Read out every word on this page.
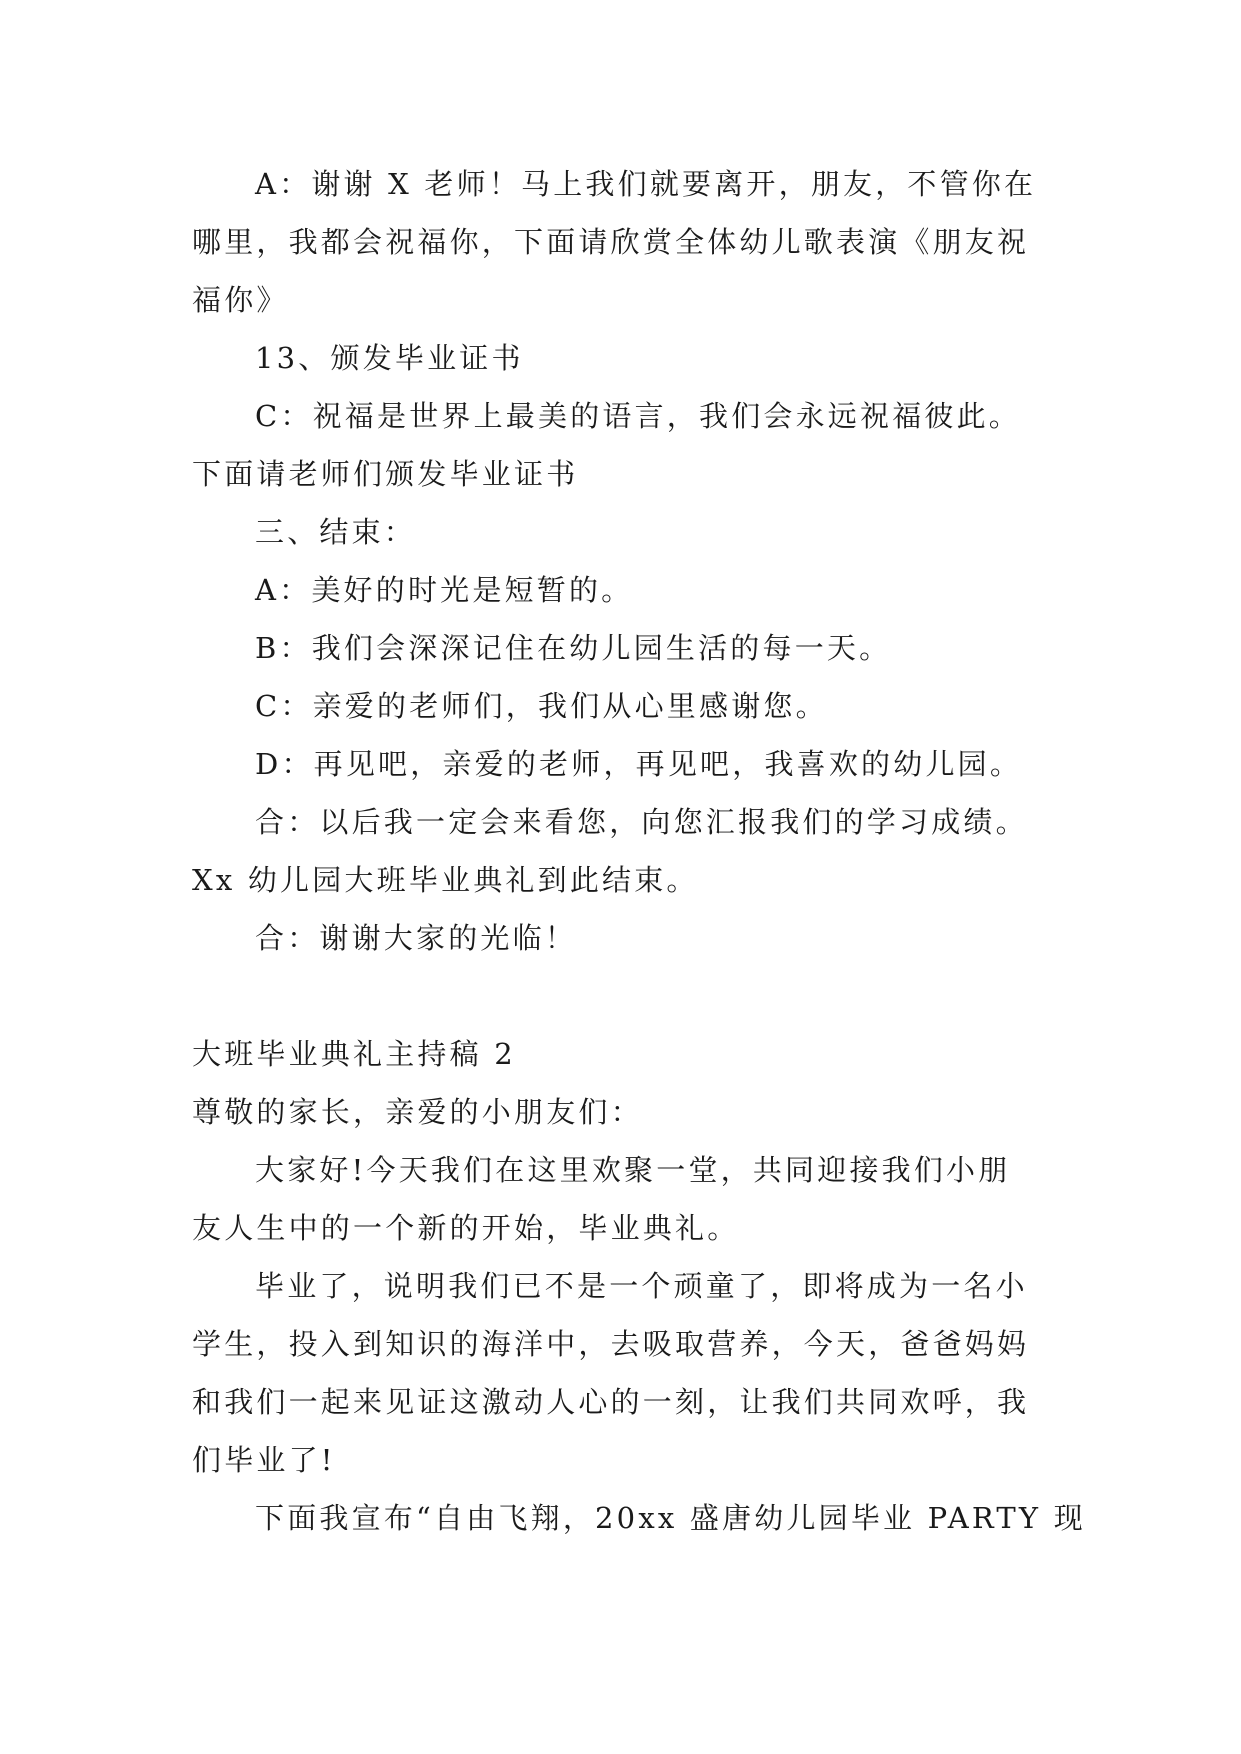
A：谢谢 X 老师！马上我们就要离开，朋友，不管你在
哪里，我都会祝福你，下面请欣赏全体幼儿歌表演《朋友祝
福你》
13、颁发毕业证书
C：祝福是世界上最美的语言，我们会永远祝福彼此。
下面请老师们颁发毕业证书
三、结束：
A：美好的时光是短暂的。
B：我们会深深记住在幼儿园生活的每一天。
C：亲爱的老师们，我们从心里感谢您。
D：再见吧，亲爱的老师，再见吧，我喜欢的幼儿园。
合：以后我一定会来看您，向您汇报我们的学习成绩。
Xx 幼儿园大班毕业典礼到此结束。
合：谢谢大家的光临！
大班毕业典礼主持稿 2
尊敬的家长，亲爱的小朋友们：
大家好!今天我们在这里欢聚一堂，共同迎接我们小朋
友人生中的一个新的开始，毕业典礼。
毕业了，说明我们已不是一个顽童了，即将成为一名小
学生，投入到知识的海洋中，去吸取营养，今天，爸爸妈妈
和我们一起来见证这激动人心的一刻，让我们共同欢呼，我
们毕业了!
下面我宣布“自由飞翔，20xx 盛唐幼儿园毕业 PARTY 现
